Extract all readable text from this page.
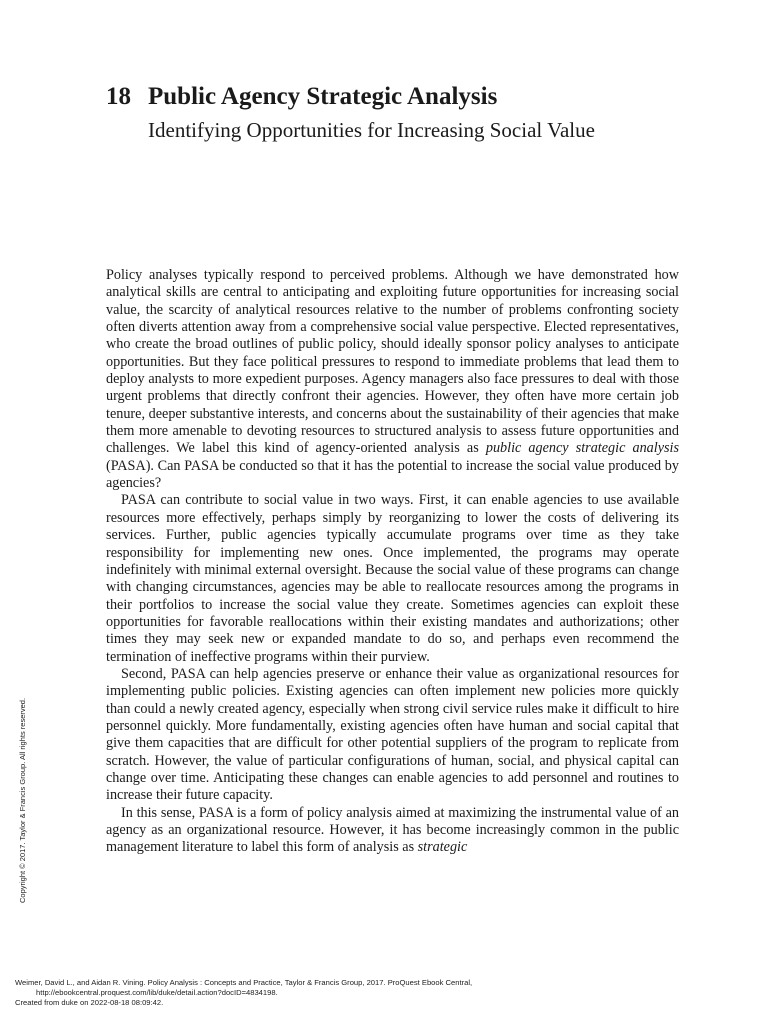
18 Public Agency Strategic Analysis
Identifying Opportunities for Increasing Social Value

Policy analyses typically respond to perceived problems. Although we have demonstrated how analytical skills are central to anticipating and exploiting future opportunities for increasing social value, the scarcity of analytical resources relative to the number of problems confronting society often diverts attention away from a comprehensive social value perspective. Elected representatives, who create the broad outlines of public policy, should ideally sponsor policy analyses to anticipate opportunities. But they face political pressures to respond to immediate problems that lead them to deploy analysts to more expedient purposes. Agency managers also face pressures to deal with those urgent problems that directly confront their agencies. However, they often have more certain job tenure, deeper substantive interests, and concerns about the sustainability of their agencies that make them more amenable to devoting resources to structured analysis to assess future opportunities and challenges. We label this kind of agency-oriented analysis as public agency strategic analysis (PASA). Can PASA be conducted so that it has the potential to increase the social value produced by agencies?

PASA can contribute to social value in two ways. First, it can enable agencies to use available resources more effectively, perhaps simply by reorganizing to lower the costs of delivering its services. Further, public agencies typically accumulate programs over time as they take responsibility for implementing new ones. Once implemented, the programs may operate indefinitely with minimal external oversight. Because the social value of these programs can change with changing circumstances, agencies may be able to reallocate resources among the programs in their portfolios to increase the social value they create. Sometimes agencies can exploit these opportunities for favorable reallocations within their existing mandates and authorizations; other times they may seek new or expanded mandate to do so, and perhaps even recommend the termination of ineffective programs within their purview.

Second, PASA can help agencies preserve or enhance their value as organizational resources for implementing public policies. Existing agencies can often implement new policies more quickly than could a newly created agency, especially when strong civil service rules make it difficult to hire personnel quickly. More fundamentally, existing agencies often have human and social capital that give them capacities that are difficult for other potential suppliers of the program to replicate from scratch. However, the value of particular configurations of human, social, and physical capital can change over time. Anticipating these changes can enable agencies to add personnel and routines to increase their future capacity.

In this sense, PASA is a form of policy analysis aimed at maximizing the instrumental value of an agency as an organizational resource. However, it has become increasingly common in the public management literature to label this form of analysis as strategic

Copyright © 2017. Taylor & Francis Group. All rights reserved.
Weimer, David L., and Aidan R. Vining. Policy Analysis : Concepts and Practice, Taylor & Francis Group, 2017. ProQuest Ebook Central,
http://ebookcentral.proquest.com/lib/duke/detail.action?docID=4834198.
Created from duke on 2022-08-18 08:09:42.
